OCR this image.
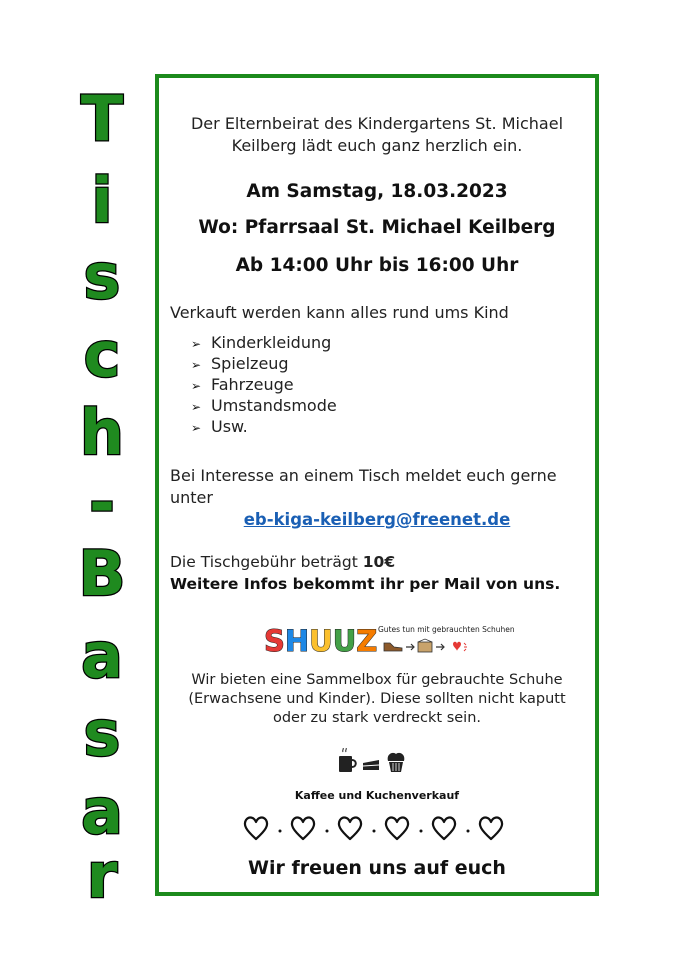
T
i
s
c
h
-
B
a
s
a
r
Der Elternbeirat des Kindergartens St. Michael
Keilberg lädt euch ganz herzlich ein.
Am Samstag, 18.03.2023
Wo: Pfarrsaal St. Michael Keilberg
Ab 14:00 Uhr bis 16:00 Uhr
Verkauft werden kann alles rund ums Kind
➢ Kinderkleidung
➢ Spielzeug
➢ Fahrzeuge
➢ Umstandsmode
➢ Usw.
Bei Interesse an einem Tisch meldet euch gerne unter
eb-kiga-keilberg@freenet.de
Die Tischgebühr beträgt 10€
Weitere Infos bekommt ihr per Mail von uns.
SHUUZ Gutes tun mit gebrauchten Schuhen
Wir bieten eine Sammelbox für gebrauchte Schuhe
(Erwachsene und Kinder). Diese sollten nicht kaputt
oder zu stark verdreckt sein.
Kaffee und Kuchenverkauf
Wir freuen uns auf euch
